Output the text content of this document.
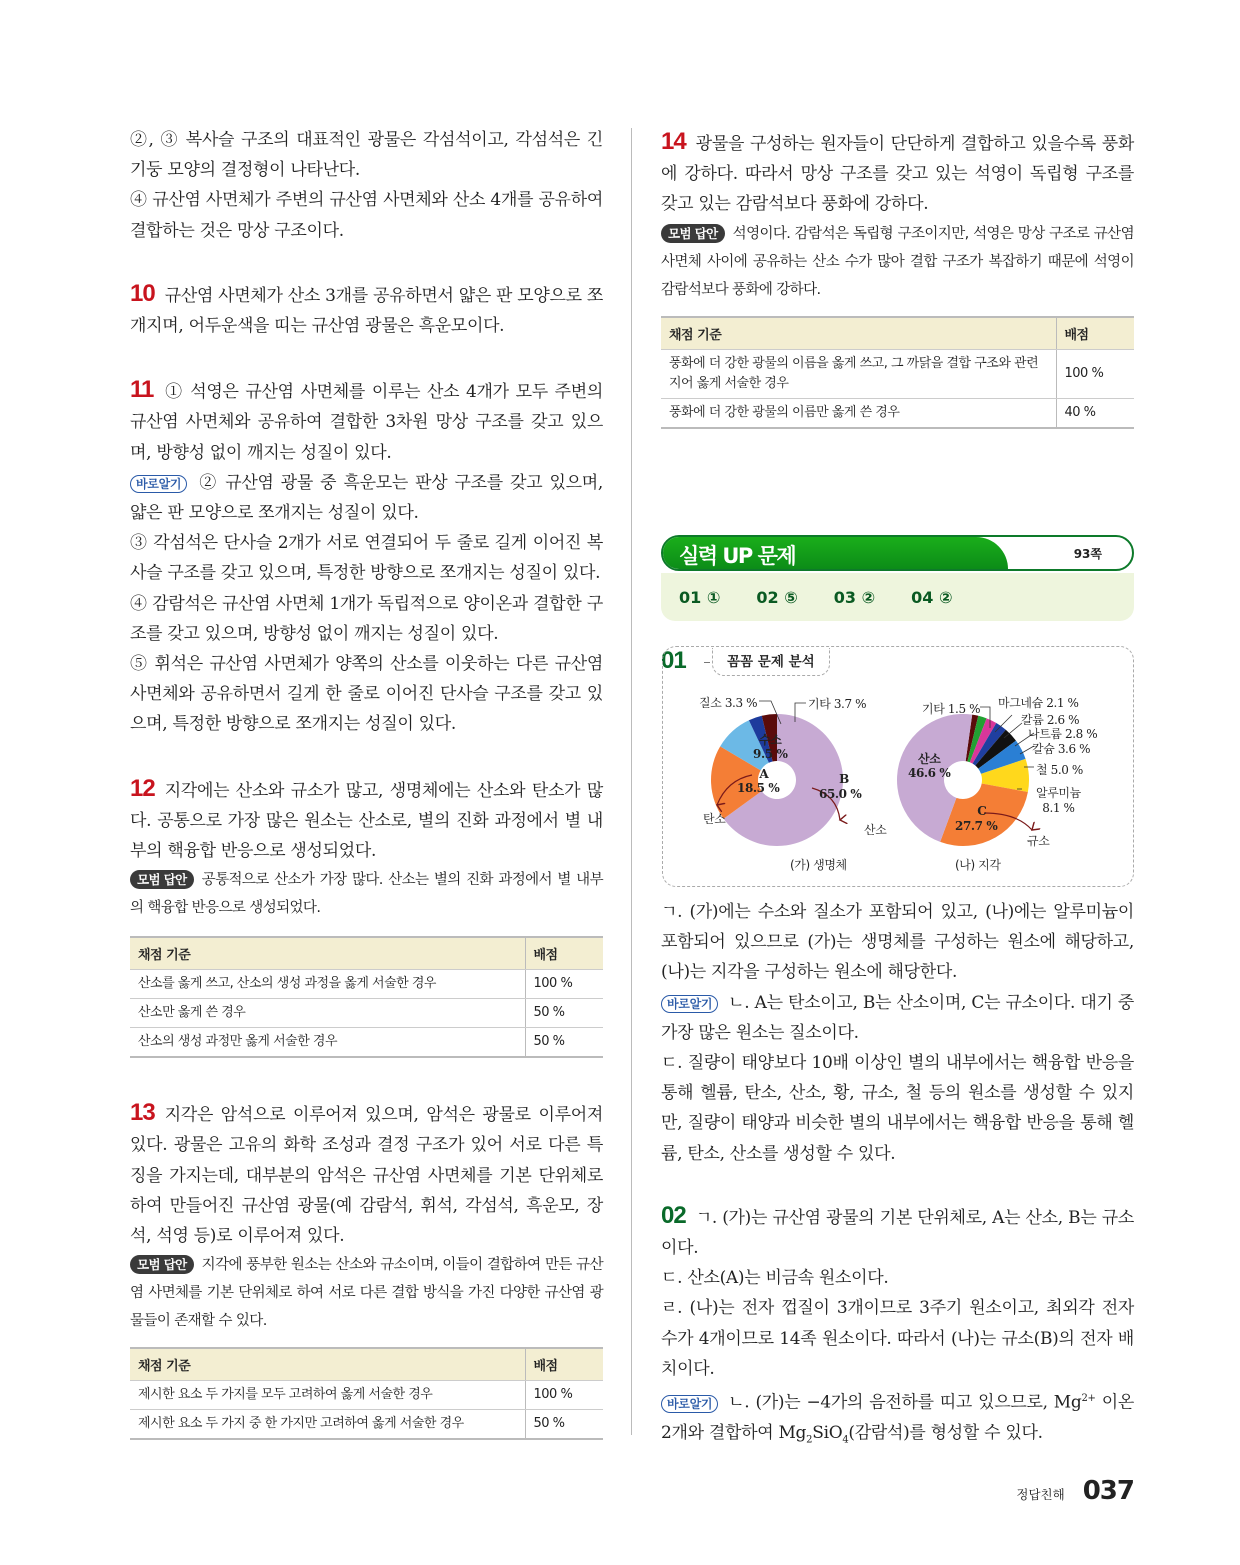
②, ③ 복사슬 구조의 대표적인 광물은 각섬석이고, 각섬석은 긴 기둥 모양의 결정형이 나타난다.
④ 규산염 사면체가 주변의 규산염 사면체와 산소 4개를 공유하여 결합하는 것은 망상 구조이다.
10 규산염 사면체가 산소 3개를 공유하면서 얇은 판 모양으로 쪼개지며, 어두운색을 띠는 규산염 광물은 흑운모이다.
11 ① 석영은 규산염 사면체를 이루는 산소 4개가 모두 주변의 규산염 사면체와 공유하여 결합한 3차원 망상 구조를 갖고 있으며, 방향성 없이 깨지는 성질이 있다.
바로알기 ② 규산염 광물 중 흑운모는 판상 구조를 갖고 있으며, 얇은 판 모양으로 쪼개지는 성질이 있다.
③ 각섬석은 단사슬 2개가 서로 연결되어 두 줄로 길게 이어진 복사슬 구조를 갖고 있으며, 특정한 방향으로 쪼개지는 성질이 있다.
④ 감람석은 규산염 사면체 1개가 독립적으로 양이온과 결합한 구조를 갖고 있으며, 방향성 없이 깨지는 성질이 있다.
⑤ 휘석은 규산염 사면체가 양쪽의 산소를 이웃하는 다른 규산염 사면체와 공유하면서 길게 한 줄로 이어진 단사슬 구조를 갖고 있으며, 특정한 방향으로 쪼개지는 성질이 있다.
12 지각에는 산소와 규소가 많고, 생명체에는 산소와 탄소가 많다. 공통으로 가장 많은 원소는 산소로, 별의 진화 과정에서 별 내부의 핵융합 반응으로 생성되었다.
모범 답안 공통적으로 산소가 가장 많다. 산소는 별의 진화 과정에서 별 내부의 핵융합 반응으로 생성되었다.
채점 기준	배점
산소를 옳게 쓰고, 산소의 생성 과정을 옳게 서술한 경우	100 %
산소만 옳게 쓴 경우	50 %
산소의 생성 과정만 옳게 서술한 경우	50 %
13 지각은 암석으로 이루어져 있으며, 암석은 광물로 이루어져 있다. 광물은 고유의 화학 조성과 결정 구조가 있어 서로 다른 특징을 가지는데, 대부분의 암석은 규산염 사면체를 기본 단위체로 하여 만들어진 규산염 광물(예 감람석, 휘석, 각섬석, 흑운모, 장석, 석영 등)로 이루어져 있다.
모범 답안 지각에 풍부한 원소는 산소와 규소이며, 이들이 결합하여 만든 규산염 사면체를 기본 단위체로 하여 서로 다른 결합 방식을 가진 다양한 규산염 광물들이 존재할 수 있다.
채점 기준	배점
제시한 요소 두 가지를 모두 고려하여 옳게 서술한 경우	100 %
제시한 요소 두 가지 중 한 가지만 고려하여 옳게 서술한 경우	50 %
14 광물을 구성하는 원자들이 단단하게 결합하고 있을수록 풍화에 강하다. 따라서 망상 구조를 갖고 있는 석영이 독립형 구조를 갖고 있는 감람석보다 풍화에 강하다.
모범 답안 석영이다. 감람석은 독립형 구조이지만, 석영은 망상 구조로 규산염 사면체 사이에 공유하는 산소 수가 많아 결합 구조가 복잡하기 때문에 석영이 감람석보다 풍화에 강하다.
채점 기준	배점
풍화에 더 강한 광물의 이름을 옳게 쓰고, 그 까닭을 결합 구조와 관련지어 옳게 서술한 경우	100 %
풍화에 더 강한 광물의 이름만 옳게 쓴 경우	40 %
실력 UP 문제	93쪽
01 ① 02 ⑤ 03 ② 04 ②
01	꼼꼼 문제 분석
질소 3.3 %	기타 3.7 %
수소
9.5 %
A
18.5 %
B
65.0 %
탄소
산소
(가) 생명체
기타 1.5 % 마그네슘 2.1 %
칼륨 2.6 %
나트륨 2.8 %
칼슘 3.6 %
철 5.0 %
알루미늄
8.1 %
산소
46.6 %
C
27.7 %
규소
(나) 지각
ㄱ. (가)에는 수소와 질소가 포함되어 있고, (나)에는 알루미늄이 포함되어 있으므로 (가)는 생명체를 구성하는 원소에 해당하고, (나)는 지각을 구성하는 원소에 해당한다.
바로알기 ㄴ. A는 탄소이고, B는 산소이며, C는 규소이다. 대기 중 가장 많은 원소는 질소이다.
ㄷ. 질량이 태양보다 10배 이상인 별의 내부에서는 핵융합 반응을 통해 헬륨, 탄소, 산소, 황, 규소, 철 등의 원소를 생성할 수 있지만, 질량이 태양과 비슷한 별의 내부에서는 핵융합 반응을 통해 헬륨, 탄소, 산소를 생성할 수 있다.
02 ㄱ. (가)는 규산염 광물의 기본 단위체로, A는 산소, B는 규소이다.
ㄷ. 산소(A)는 비금속 원소이다.
ㄹ. (나)는 전자 껍질이 3개이므로 3주기 원소이고, 최외각 전자 수가 4개이므로 14족 원소이다. 따라서 (나)는 규소(B)의 전자 배치이다.
바로알기 ㄴ. (가)는 −4가의 음전하를 띠고 있으므로, $Mg^{2+}$ 이온 2개와 결합하여 $Mg_2SiO_4$(감람석)를 형성할 수 있다.
정답친해 037
